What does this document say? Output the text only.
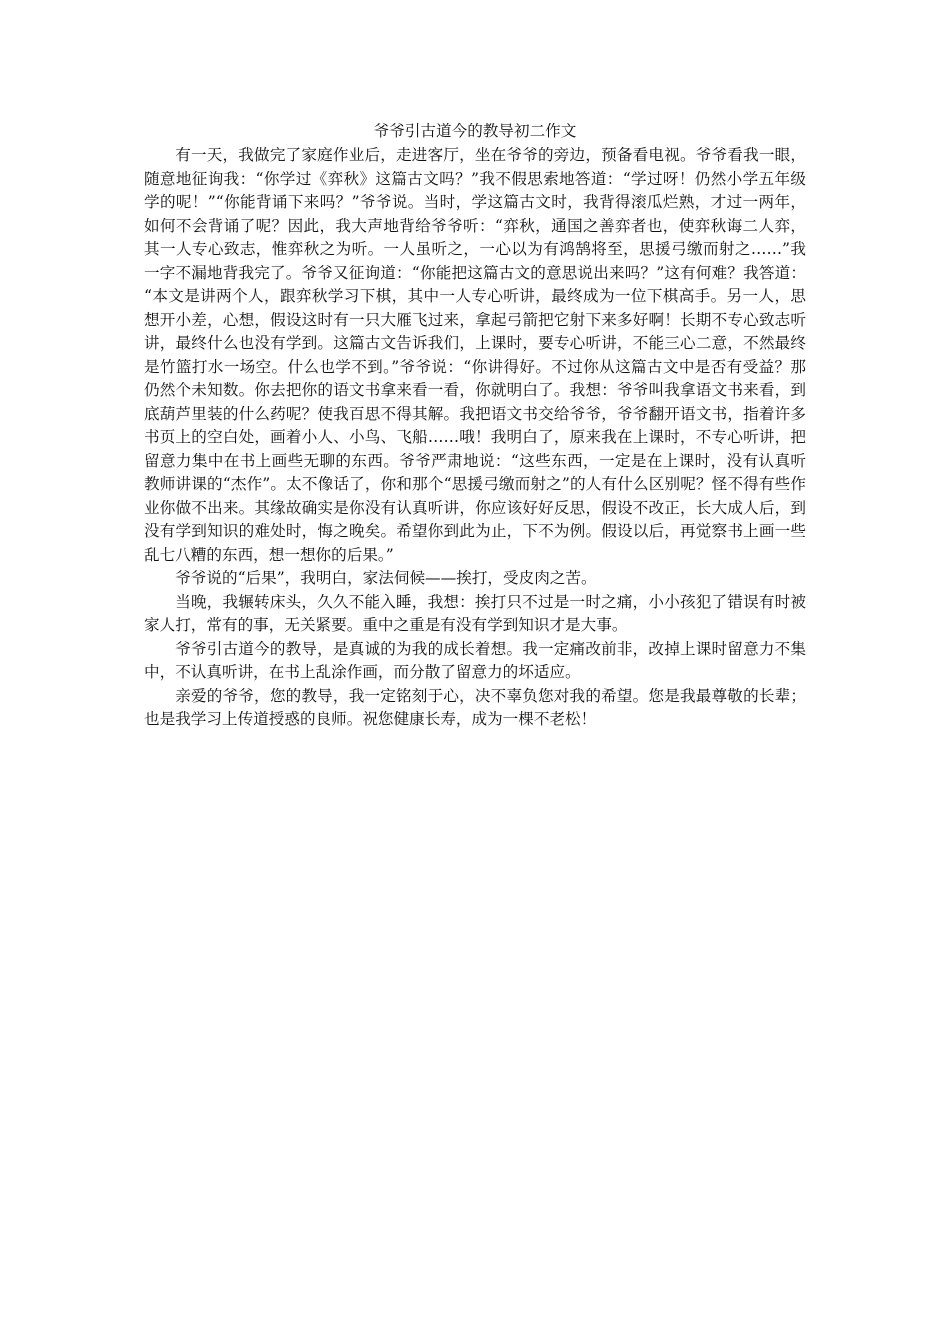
爷爷引古道今的教导初二作文

有一天，我做完了家庭作业后，走进客厅，坐在爷爷的旁边，预备看电视。爷爷看我一眼，随意地征询我：“你学过《弈秋》这篇古文吗？”我不假思索地答道：“学过呀！仍然小学五年级学的呢！”“你能背诵下来吗？”爷爷说。当时，学这篇古文时，我背得滚瓜烂熟，才过一两年，如何不会背诵了呢？因此，我大声地背给爷爷听：“弈秋，通国之善弈者也，使弈秋诲二人弈，其一人专心致志，惟弈秋之为听。一人虽听之，一心以为有鸿鹄将至，思援弓缴而射之……”我一字不漏地背我完了。爷爷又征询道：“你能把这篇古文的意思说出来吗？”这有何难？我答道：“本文是讲两个人，跟弈秋学习下棋，其中一人专心听讲，最终成为一位下棋高手。另一人，思想开小差，心想，假设这时有一只大雁飞过来，拿起弓箭把它射下来多好啊！长期不专心致志听讲，最终什么也没有学到。这篇古文告诉我们，上课时，要专心听讲，不能三心二意，不然最终是竹篮打水一场空。什么也学不到。”爷爷说：“你讲得好。不过你从这篇古文中是否有受益？那仍然个未知数。你去把你的语文书拿来看一看，你就明白了。我想：爷爷叫我拿语文书来看，到底葫芦里装的什么药呢？使我百思不得其解。我把语文书交给爷爷，爷爷翻开语文书，指着许多书页上的空白处，画着小人、小鸟、飞船……哦！我明白了，原来我在上课时，不专心听讲，把留意力集中在书上画些无聊的东西。爷爷严肃地说：“这些东西，一定是在上课时，没有认真听教师讲课的“杰作”。太不像话了，你和那个“思援弓缴而射之”的人有什么区别呢？怪不得有些作业你做不出来。其缘故确实是你没有认真听讲，你应该好好反思，假设不改正，长大成人后，到没有学到知识的难处时，悔之晚矣。希望你到此为止，下不为例。假设以后，再觉察书上画一些乱七八糟的东西，想一想你的后果。”

爷爷说的“后果”，我明白，家法伺候——挨打，受皮肉之苦。

当晚，我辗转床头，久久不能入睡，我想：挨打只不过是一时之痛，小小孩犯了错误有时被家人打，常有的事，无关紧要。重中之重是有没有学到知识才是大事。

爷爷引古道今的教导，是真诚的为我的成长着想。我一定痛改前非，改掉上课时留意力不集中，不认真听讲，在书上乱涂作画，而分散了留意力的坏适应。

亲爱的爷爷，您的教导，我一定铭刻于心，决不辜负您对我的希望。您是我最尊敬的长辈；也是我学习上传道授惑的良师。祝您健康长寿，成为一棵不老松！
